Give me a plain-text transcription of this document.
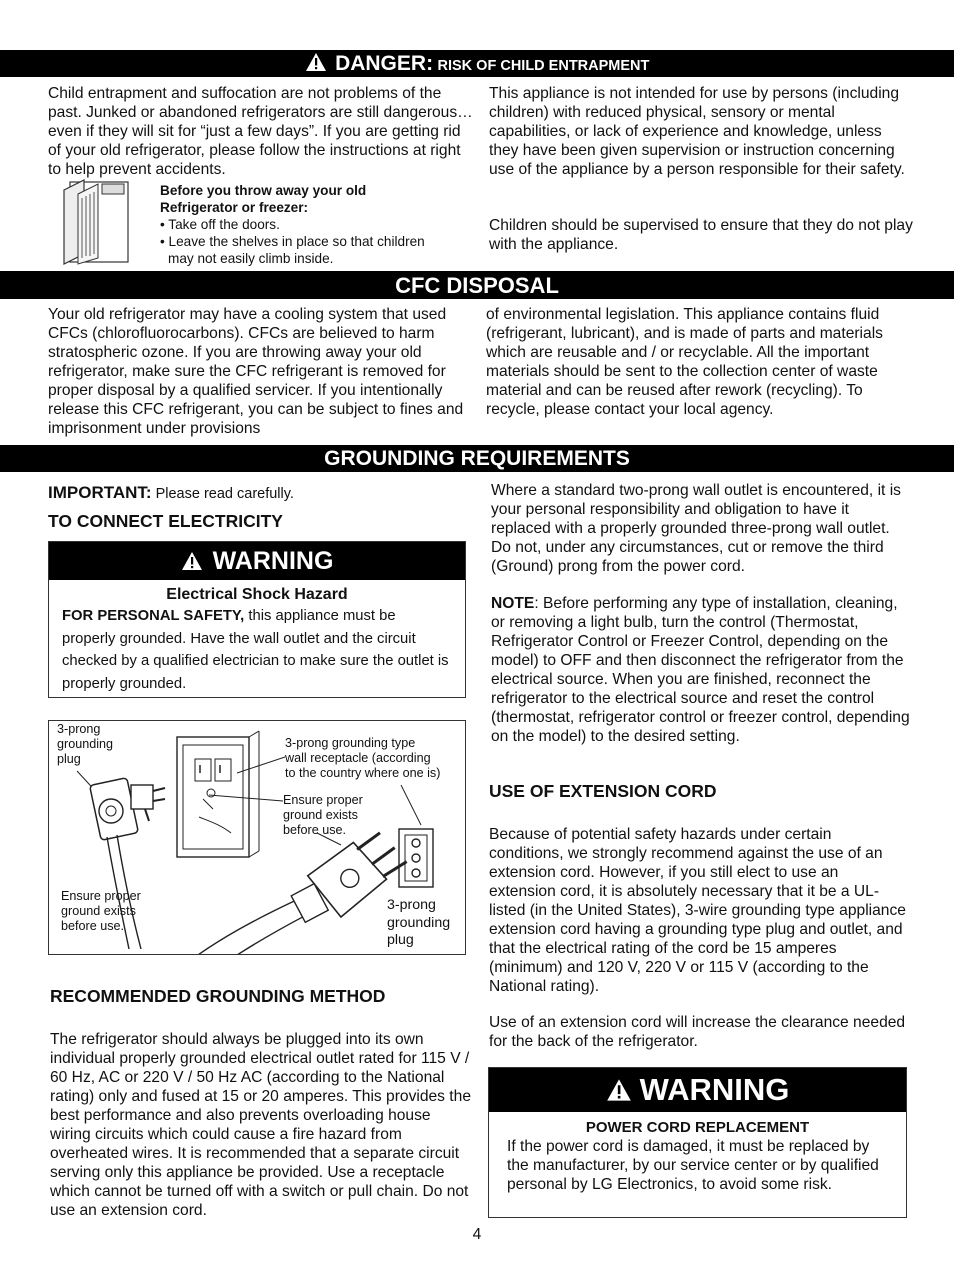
DANGER: RISK OF CHILD ENTRAPMENT

Child entrapment and suffocation are not problems of the past. Junked or abandoned refrigerators are still dangerous… even if they will sit for “just a few days”. If you are getting rid of your old refrigerator, please follow the instructions at right to help prevent accidents.

Before you throw away your old

Refrigerator or freezer:

• Take off the doors.

• Leave the shelves in place so that children

may not easily climb inside.

This appliance is not intended for use by persons (including children) with reduced physical, sensory or mental capabilities, or lack of experience and knowledge, unless they have been given supervision or instruction concerning use of the appliance by a person responsible for their safety.

Children should be supervised to ensure that they do not play with the appliance.

CFC DISPOSAL

Your old refrigerator may have a cooling system that used CFCs (chlorofluorocarbons). CFCs are believed to harm stratospheric ozone. If you are throwing away your old refrigerator, make sure the CFC refrigerant is removed for proper disposal by a qualified servicer. If you intentionally release this CFC refrigerant, you can be subject to fines and imprisonment under provisions

of environmental legislation. This appliance contains fluid (refrigerant, lubricant), and is made of parts and materials which are reusable and / or recyclable. All the important materials should be sent to the collection center of waste material and can be reused after rework (recycling). To recycle, please contact your local agency.

GROUNDING REQUIREMENTS

IMPORTANT: Please read carefully.

TO CONNECT ELECTRICITY

WARNING

Electrical Shock Hazard

FOR PERSONAL SAFETY, this appliance must be properly grounded. Have the wall outlet and the circuit checked by a qualified electrician to make sure the outlet is properly grounded.

3-prong

grounding

plug

3-prong grounding type

wall receptacle (according

to the country where one is)

Ensure proper

ground exists

before use.

Ensure proper

ground exists

before use.

3-prong

grounding

plug

RECOMMENDED GROUNDING METHOD

The refrigerator should always be plugged into its own individual properly grounded electrical outlet rated for 115 V / 60 Hz, AC or 220 V / 50 Hz AC (according to the National rating) only and fused at 15 or 20 amperes. This provides the best performance and also prevents overloading house wiring circuits which could cause a fire hazard from overheated wires. It is recommended that a separate circuit serving only this appliance be provided. Use a receptacle which cannot be turned off with a switch or pull chain. Do not use an extension cord.

Where a standard two-prong wall outlet is encountered, it is your personal responsibility and obligation to have it replaced with a properly grounded three-prong wall outlet. Do not, under any circumstances, cut or remove the third (Ground) prong from the power cord.

NOTE: Before performing any type of installation, cleaning, or removing a light bulb, turn the control (Thermostat, Refrigerator Control or Freezer Control, depending on the model) to OFF and then disconnect the refrigerator from the electrical source. When you are finished, reconnect the refrigerator to the electrical source and reset the control (thermostat, refrigerator control or freezer control, depending on the model) to the desired setting.

USE OF EXTENSION CORD

Because of potential safety hazards under certain conditions, we strongly recommend against the use of an extension cord. However, if you still elect to use an extension cord, it is absolutely necessary that it be a UL-listed (in the United States), 3-wire grounding type appliance extension cord having a grounding type plug and outlet, and that the electrical rating of the cord be 15 amperes (minimum) and 120 V, 220 V or 115 V (according to the National rating).

Use of an extension cord will increase the clearance needed for the back of the refrigerator.

WARNING

POWER CORD REPLACEMENT

If the power cord is damaged, it must be replaced by the manufacturer, by our service center or by qualified personal by LG Electronics, to avoid some risk.

4
